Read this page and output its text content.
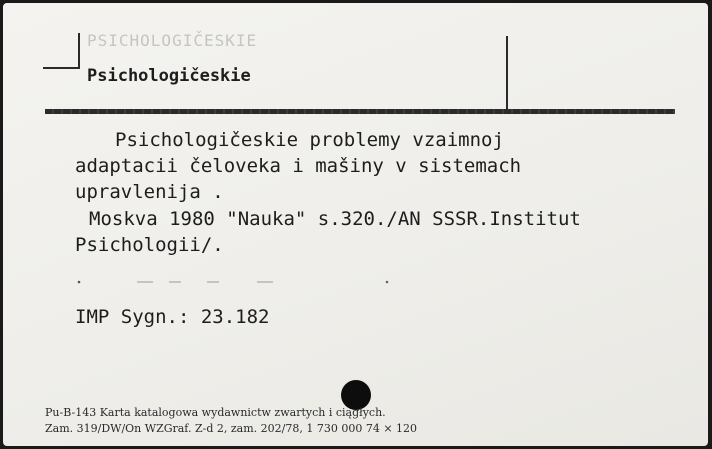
PSICHOLOGIČESKIE
Psichologičeskie
Psichologičeskie problemy vzaimnoj
adaptacii čeloveka i mašiny v sistemach
upravlenija .
Moskva 1980 "Nauka" s.320./AN SSSR.Institut
Psichologii/.
IMP Sygn.: 23.182
Pu-B-143 Karta katalogowa wydawnictw zwartych i ciągłych.
Zam. 319/DW/On WZGraf. Z-d 2, zam. 202/78, 1 730 000 74 × 120
